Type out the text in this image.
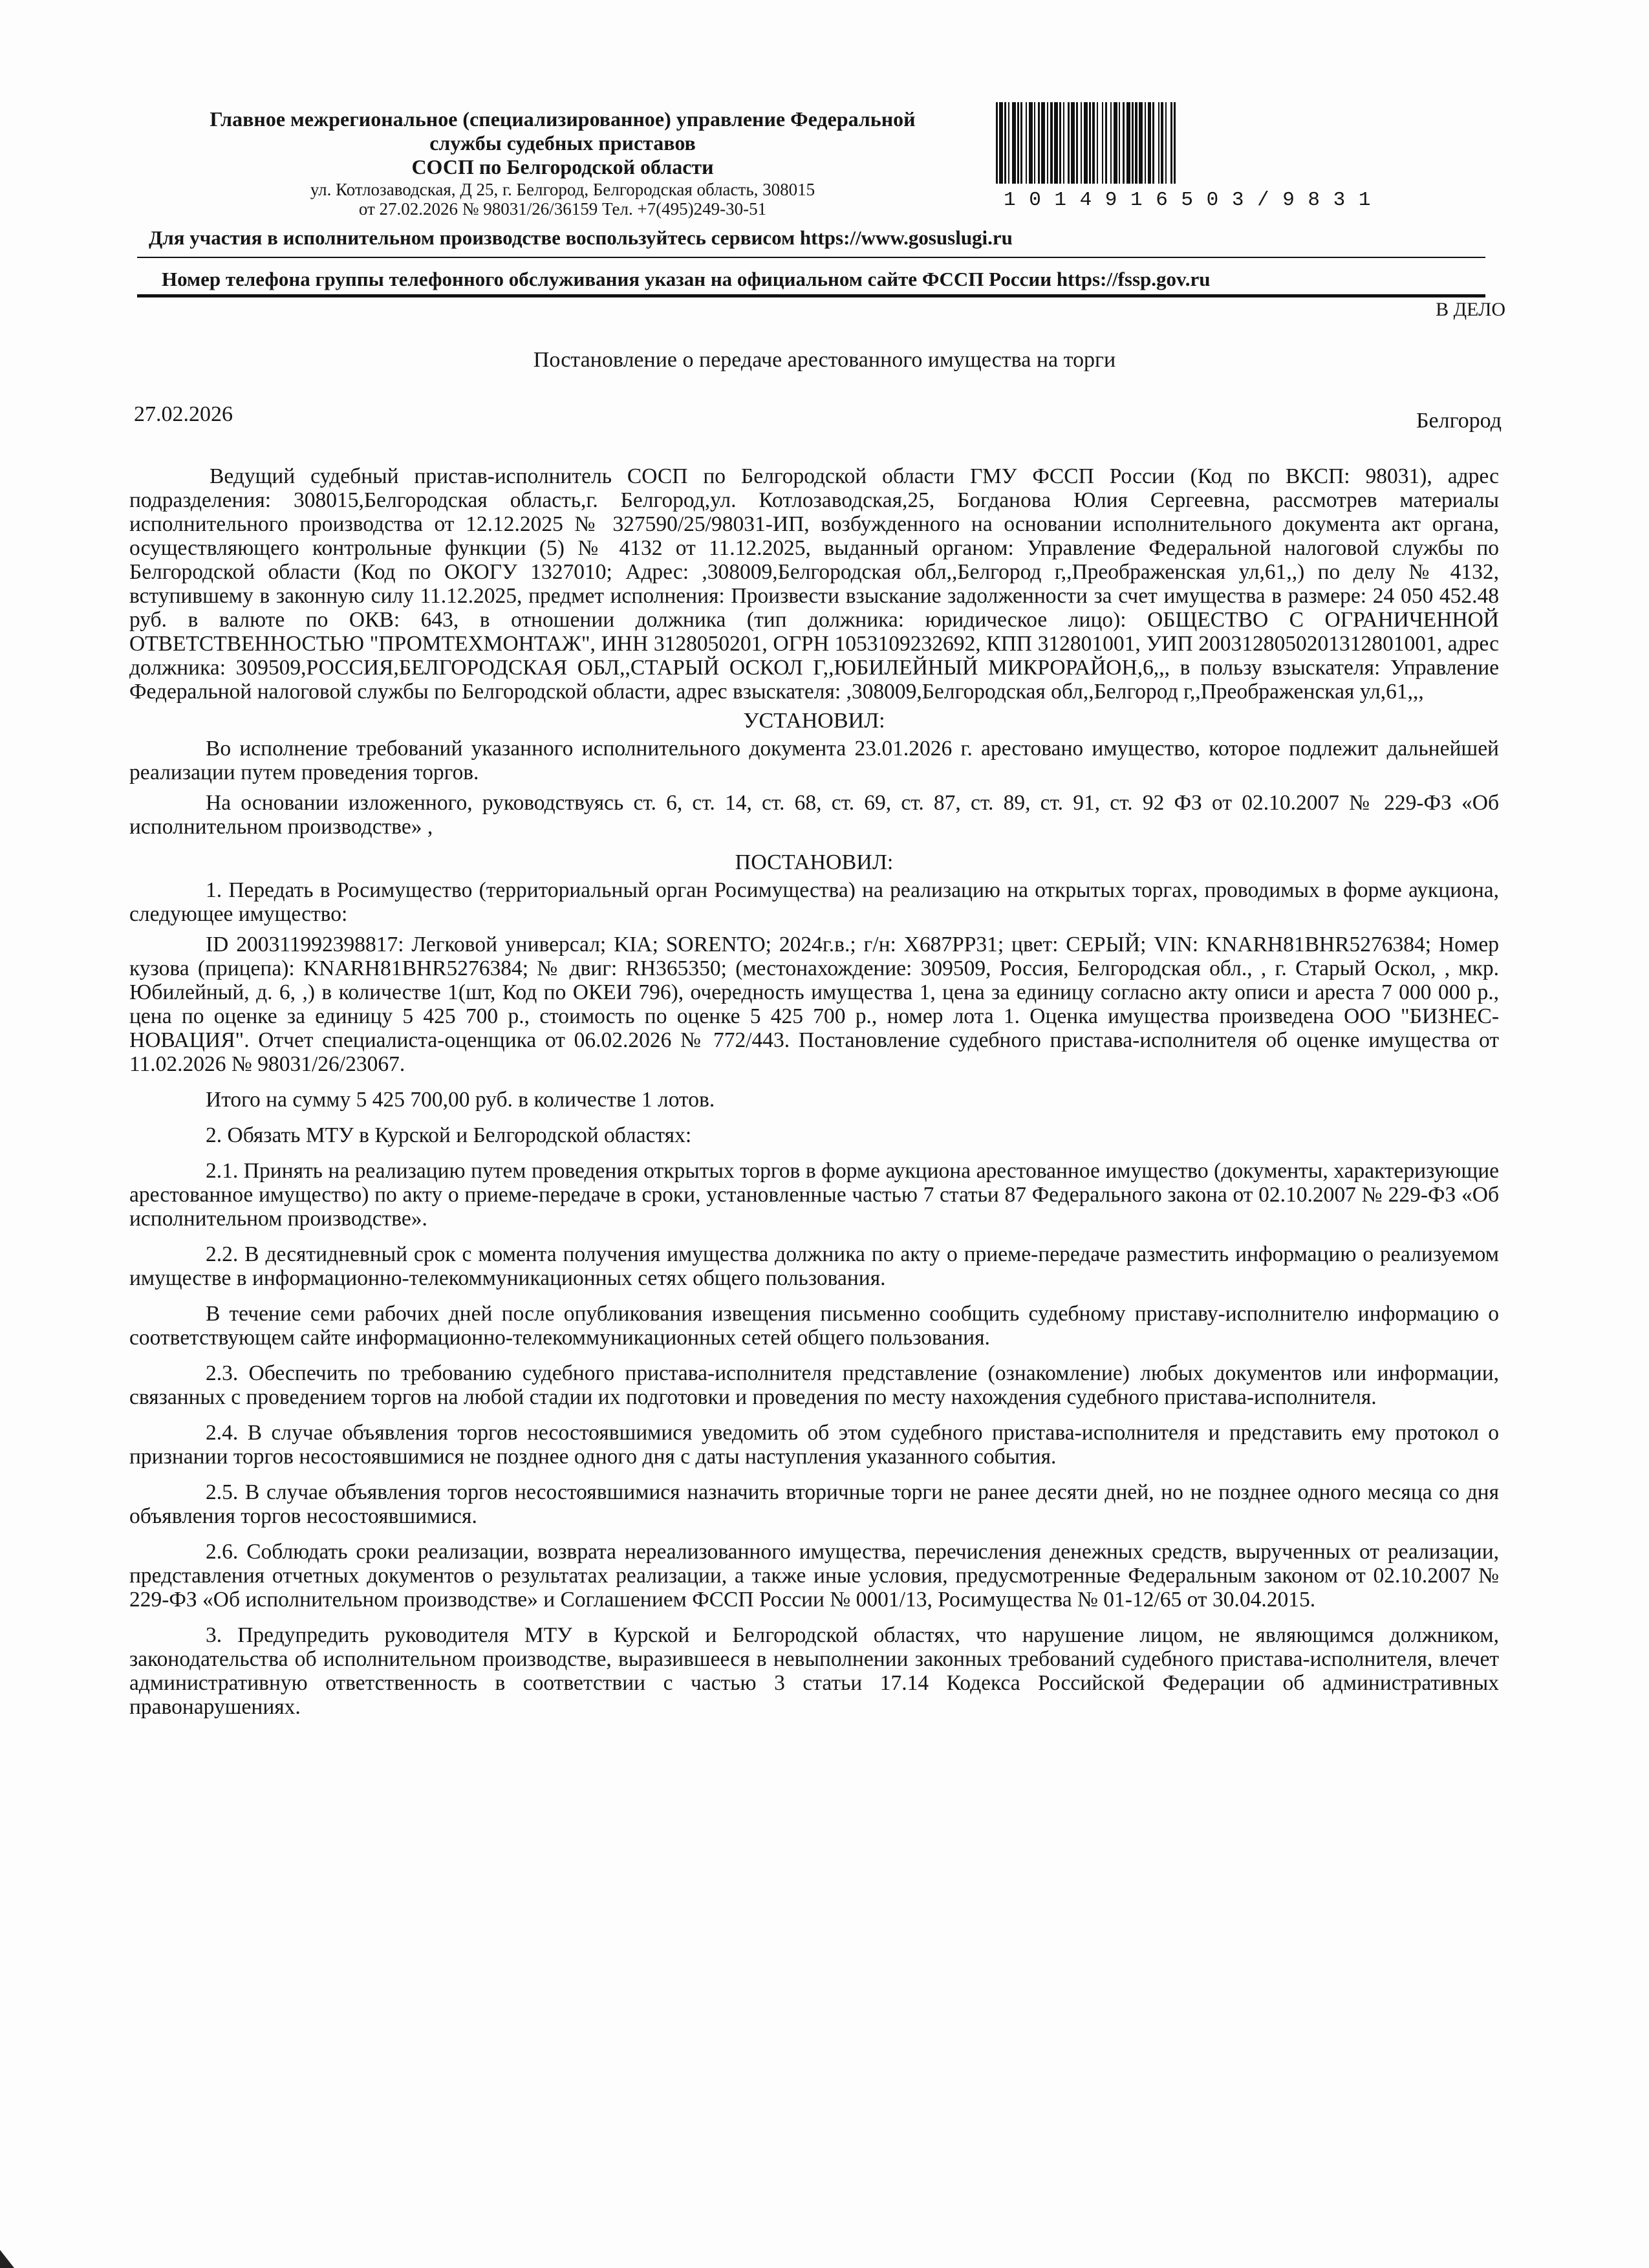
Главное межрегиональное (специализированное) управление Федеральной
службы судебных приставов
СОСП по Белгородской области
ул. Котлозаводская, Д 25, г. Белгород, Белгородская область, 308015
от 27.02.2026 № 98031/26/36159 Тел. +7(495)249-30-51	1014916503/9831
Для участия в исполнительном производстве воспользуйтесь сервисом https://www.gosuslugi.ru
Номер телефона группы телефонного обслуживания указан на официальном сайте ФССП России https://fssp.gov.ru
В ДЕЛО
Постановление о передаче арестованного имущества на торги
27.02.2026	Белгород

Ведущий судебный пристав-исполнитель СОСП по Белгородской области ГМУ ФССП России (Код по ВКСП: 98031), адрес подразделения: 308015,Белгородская область,г. Белгород,ул. Котлозаводская,25, Богданова Юлия Сергеевна, рассмотрев материалы исполнительного производства от 12.12.2025 № 327590/25/98031-ИП, возбужденного на основании исполнительного документа акт органа, осуществляющего контрольные функции (5) № 4132 от 11.12.2025, выданный органом: Управление Федеральной налоговой службы по Белгородской области (Код по ОКОГУ 1327010; Адрес: ,308009,Белгородская обл,,Белгород г,,Преображенская ул,61,,) по делу № 4132, вступившему в законную силу 11.12.2025, предмет исполнения: Произвести взыскание задолженности за счет имущества в размере: 24 050 452.48 руб. в валюте по ОКВ: 643, в отношении должника (тип должника: юридическое лицо): ОБЩЕСТВО С ОГРАНИЧЕННОЙ ОТВЕТСТВЕННОСТЬЮ "ПРОМТЕХМОНТАЖ", ИНН 3128050201, ОГРН 1053109232692, КПП 312801001, УИП 2003128050201312801001, адрес должника: 309509,РОССИЯ,БЕЛГОРОДСКАЯ ОБЛ,,СТАРЫЙ ОСКОЛ Г,,ЮБИЛЕЙНЫЙ МИКРОРАЙОН,6,,, в пользу взыскателя: Управление Федеральной налоговой службы по Белгородской области, адрес взыскателя: ,308009,Белгородская обл,,Белгород г,,Преображенская ул,61,,,

УСТАНОВИЛ:

Во исполнение требований указанного исполнительного документа 23.01.2026 г. арестовано имущество, которое подлежит дальнейшей реализации путем проведения торгов.

На основании изложенного, руководствуясь ст. 6, ст. 14, ст. 68, ст. 69, ст. 87, ст. 89, ст. 91, ст. 92 ФЗ от 02.10.2007 № 229-ФЗ «Об исполнительном производстве» ,

ПОСТАНОВИЛ:

1. Передать в Росимущество (территориальный орган Росимущества) на реализацию на открытых торгах, проводимых в форме аукциона, следующее имущество:

ID 200311992398817: Легковой универсал; KIA; SORENTO; 2024г.в.; г/н: Х687РР31; цвет: СЕРЫЙ; VIN: KNARH81BHR5276384; Номер кузова (прицепа): KNARH81BHR5276384; № двиг: RH365350; (местонахождение: 309509, Россия, Белгородская обл., , г. Старый Оскол, , мкр. Юбилейный, д. 6, ,) в количестве 1(шт, Код по ОКЕИ 796), очередность имущества 1, цена за единицу согласно акту описи и ареста 7 000 000 р., цена по оценке за единицу 5 425 700 р., стоимость по оценке 5 425 700 р., номер лота 1. Оценка имущества произведена ООО "БИЗНЕС-НОВАЦИЯ". Отчет специалиста-оценщика от 06.02.2026 № 772/443. Постановление судебного пристава-исполнителя об оценке имущества от 11.02.2026 № 98031/26/23067.

Итого на сумму 5 425 700,00 руб. в количестве 1 лотов.

2. Обязать МТУ в Курской и Белгородской областях:

2.1. Принять на реализацию путем проведения открытых торгов в форме аукциона арестованное имущество (документы, характеризующие арестованное имущество) по акту о приеме-передаче в сроки, установленные частью 7 статьи 87 Федерального закона от 02.10.2007 № 229-ФЗ «Об исполнительном производстве».

2.2. В десятидневный срок с момента получения имущества должника по акту о приеме-передаче разместить информацию о реализуемом имуществе в информационно-телекоммуникационных сетях общего пользования.

В течение семи рабочих дней после опубликования извещения письменно сообщить судебному приставу-исполнителю информацию о соответствующем сайте информационно-телекоммуникационных сетей общего пользования.

2.3. Обеспечить по требованию судебного пристава-исполнителя представление (ознакомление) любых документов или информации, связанных с проведением торгов на любой стадии их подготовки и проведения по месту нахождения судебного пристава-исполнителя.

2.4. В случае объявления торгов несостоявшимися уведомить об этом судебного пристава-исполнителя и представить ему протокол о признании торгов несостоявшимися не позднее одного дня с даты наступления указанного события.

2.5. В случае объявления торгов несостоявшимися назначить вторичные торги не ранее десяти дней, но не позднее одного месяца со дня объявления торгов несостоявшимися.

2.6. Соблюдать сроки реализации, возврата нереализованного имущества, перечисления денежных средств, вырученных от реализации, представления отчетных документов о результатах реализации, а также иные условия, предусмотренные Федеральным законом от 02.10.2007 № 229-ФЗ «Об исполнительном производстве» и Соглашением ФССП России № 0001/13, Росимущества № 01-12/65 от 30.04.2015.

3. Предупредить руководителя МТУ в Курской и Белгородской областях, что нарушение лицом, не являющимся должником, законодательства об исполнительном производстве, выразившееся в невыполнении законных требований судебного пристава-исполнителя, влечет административную ответственность в соответствии с частью 3 статьи 17.14 Кодекса Российской Федерации об административных правонарушениях.
